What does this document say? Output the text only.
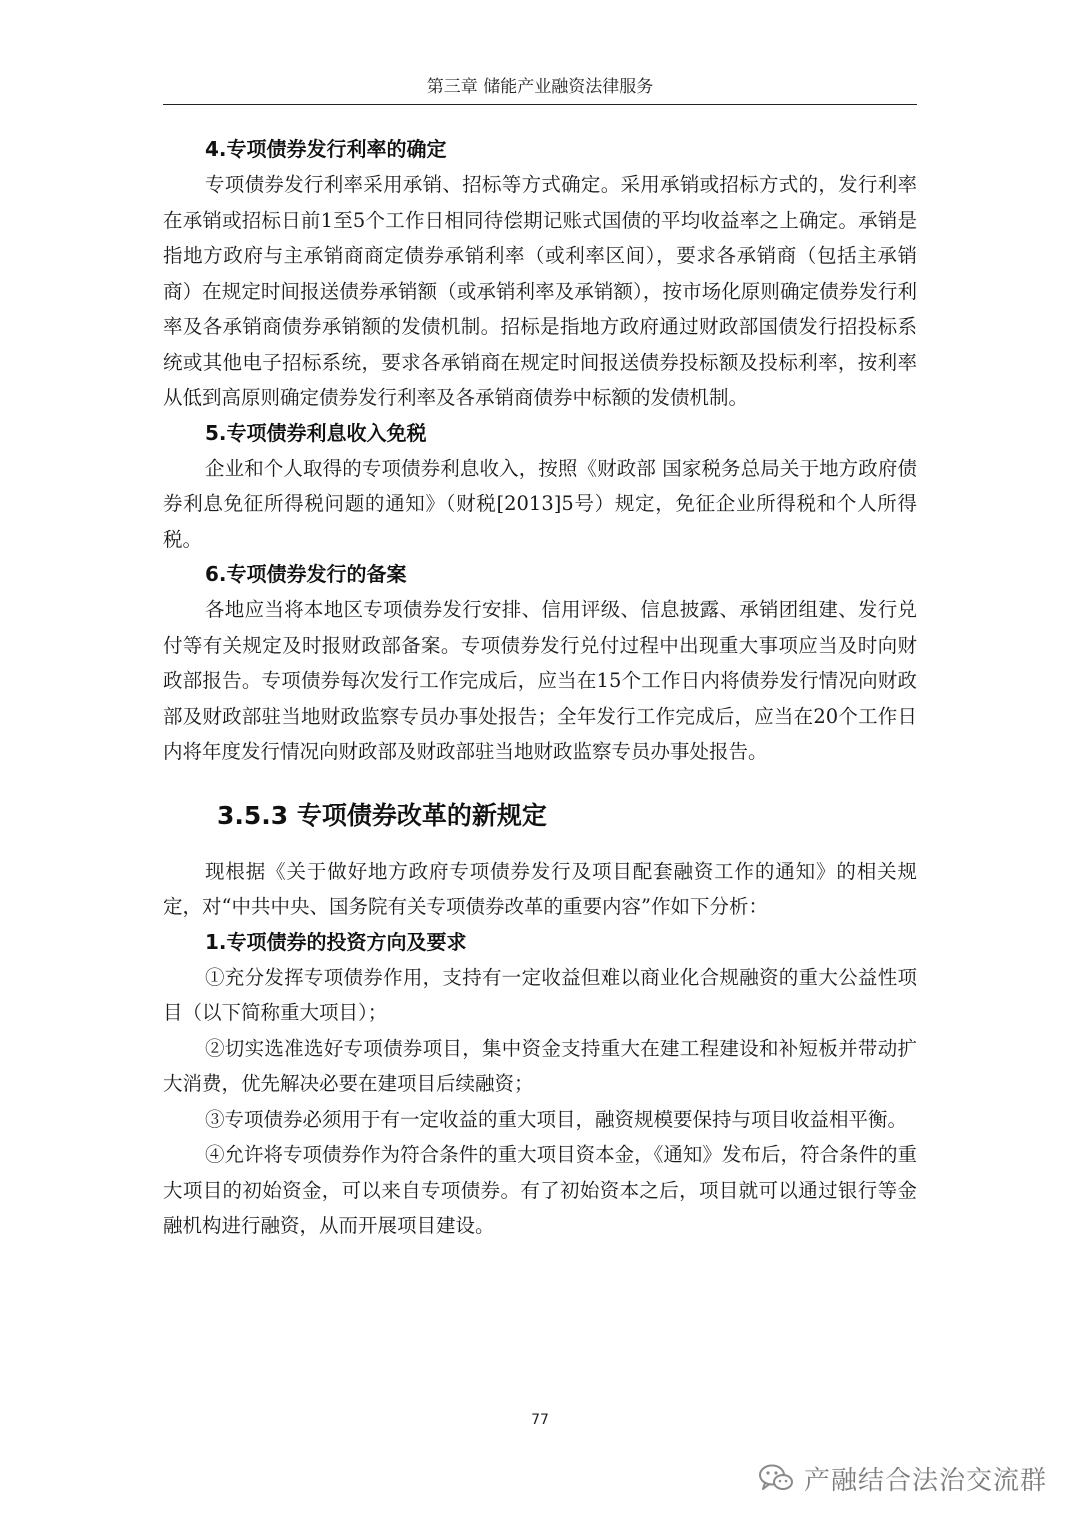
第三章 储能产业融资法律服务
4.专项债券发行利率的确定

专项债券发行利率采用承销、招标等方式确定。采用承销或招标方式的，发行利率在承销或招标日前1至5个工作日相同待偿期记账式国债的平均收益率之上确定。承销是指地方政府与主承销商商定债券承销利率（或利率区间），要求各承销商（包括主承销商）在规定时间报送债券承销额（或承销利率及承销额），按市场化原则确定债券发行利率及各承销商债券承销额的发债机制。招标是指地方政府通过财政部国债发行招投标系统或其他电子招标系统，要求各承销商在规定时间报送债券投标额及投标利率，按利率从低到高原则确定债券发行利率及各承销商债券中标额的发债机制。

5.专项债券利息收入免税

企业和个人取得的专项债券利息收入，按照《财政部 国家税务总局关于地方政府债券利息免征所得税问题的通知》（财税[2013]5号）规定，免征企业所得税和个人所得税。

6.专项债券发行的备案

各地应当将本地区专项债券发行安排、信用评级、信息披露、承销团组建、发行兑付等有关规定及时报财政部备案。专项债券发行兑付过程中出现重大事项应当及时向财政部报告。专项债券每次发行工作完成后，应当在15个工作日内将债券发行情况向财政部及财政部驻当地财政监察专员办事处报告；全年发行工作完成后，应当在20个工作日内将年度发行情况向财政部及财政部驻当地财政监察专员办事处报告。

3.5.3 专项债券改革的新规定

现根据《关于做好地方政府专项债券发行及项目配套融资工作的通知》的相关规定，对“中共中央、国务院有关专项债券改革的重要内容”作如下分析：

1.专项债券的投资方向及要求

①充分发挥专项债券作用，支持有一定收益但难以商业化合规融资的重大公益性项目（以下简称重大项目）；

②切实选准选好专项债券项目，集中资金支持重大在建工程建设和补短板并带动扩大消费，优先解决必要在建项目后续融资；

③专项债券必须用于有一定收益的重大项目，融资规模要保持与项目收益相平衡。

④允许将专项债券作为符合条件的重大项目资本金，《通知》发布后，符合条件的重大项目的初始资金，可以来自专项债券。有了初始资本之后，项目就可以通过银行等金融机构进行融资，从而开展项目建设。

77
产融结合法治交流群
